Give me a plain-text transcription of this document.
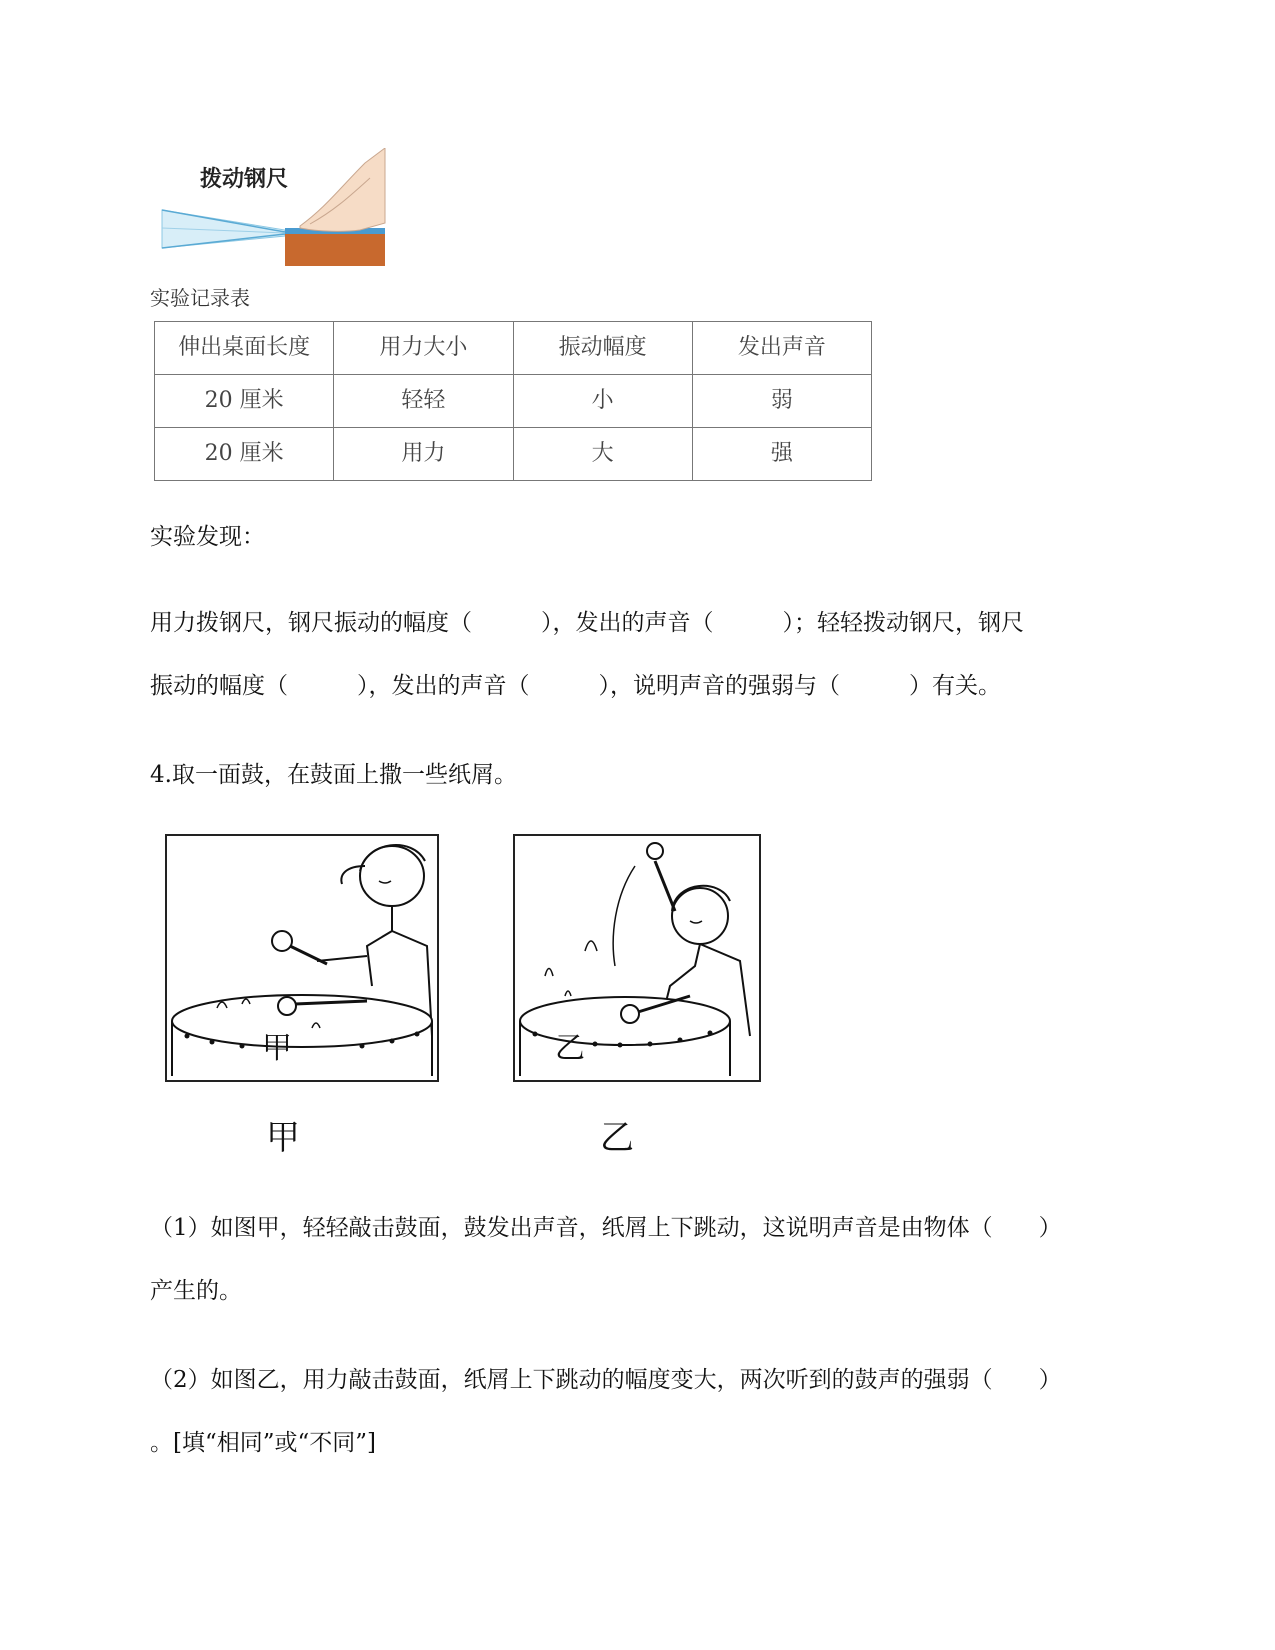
拨动钢尺
实验记录表
伸出桌面长度	用力大小	振动幅度	发出声音
20 厘米	轻轻	小	弱
20 厘米	用力	大	强
实验发现：
用力拨钢尺，钢尺振动的幅度（　　　），发出的声音（　　　）；轻轻拨动钢尺，钢尺
振动的幅度（　　　），发出的声音（　　　），说明声音的强弱与（　　　）有关。
4.取一面鼓，在鼓面上撒一些纸屑。
甲	乙
甲	乙
（1）如图甲，轻轻敲击鼓面，鼓发出声音，纸屑上下跳动，这说明声音是由物体（　　）
产生的。
（2）如图乙，用力敲击鼓面，纸屑上下跳动的幅度变大，两次听到的鼓声的强弱（　　）
。[填“相同”或“不同”]
